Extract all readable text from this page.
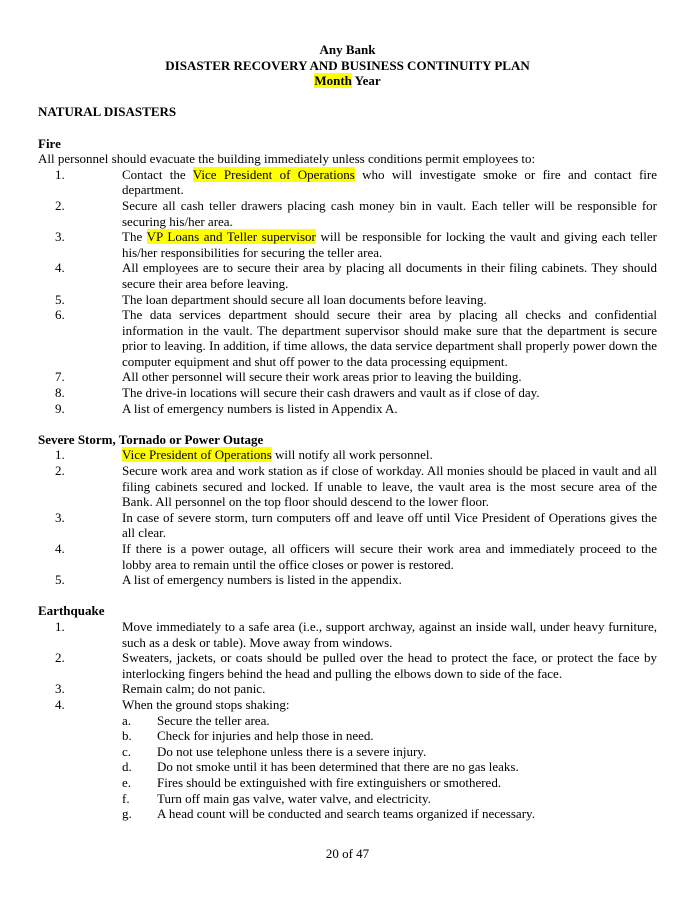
Any Bank
DISASTER RECOVERY AND BUSINESS CONTINUITY PLAN
Month Year
NATURAL DISASTERS
Fire
All personnel should evacuate the building immediately unless conditions permit employees to:
1.	Contact the Vice President of Operations who will investigate smoke or fire and contact fire department.
2.	Secure all cash teller drawers placing cash money bin in vault. Each teller will be responsible for securing his/her area.
3.	The VP Loans and Teller supervisor will be responsible for locking the vault and giving each teller his/her responsibilities for securing the teller area.
4.	All employees are to secure their area by placing all documents in their filing cabinets. They should secure their area before leaving.
5.	The loan department should secure all loan documents before leaving.
6.	The data services department should secure their area by placing all checks and confidential information in the vault. The department supervisor should make sure that the department is secure prior to leaving. In addition, if time allows, the data service department shall properly power down the computer equipment and shut off power to the data processing equipment.
7.	All other personnel will secure their work areas prior to leaving the building.
8.	The drive-in locations will secure their cash drawers and vault as if close of day.
9.	A list of emergency numbers is listed in Appendix A.
Severe Storm, Tornado or Power Outage
1.	Vice President of Operations will notify all work personnel.
2.	Secure work area and work station as if close of workday. All monies should be placed in vault and all filing cabinets secured and locked. If unable to leave, the vault area is the most secure area of the Bank. All personnel on the top floor should descend to the lower floor.
3.	In case of severe storm, turn computers off and leave off until Vice President of Operations gives the all clear.
4.	If there is a power outage, all officers will secure their work area and immediately proceed to the lobby area to remain until the office closes or power is restored.
5.	A list of emergency numbers is listed in the appendix.
Earthquake
1.	Move immediately to a safe area (i.e., support archway, against an inside wall, under heavy furniture, such as a desk or table). Move away from windows.
2.	Sweaters, jackets, or coats should be pulled over the head to protect the face, or protect the face by interlocking fingers behind the head and pulling the elbows down to side of the face.
3.	Remain calm; do not panic.
4.	When the ground stops shaking:
a. Secure the teller area.
b. Check for injuries and help those in need.
c. Do not use telephone unless there is a severe injury.
d. Do not smoke until it has been determined that there are no gas leaks.
e. Fires should be extinguished with fire extinguishers or smothered.
f. Turn off main gas valve, water valve, and electricity.
g. A head count will be conducted and search teams organized if necessary.
20 of 47
